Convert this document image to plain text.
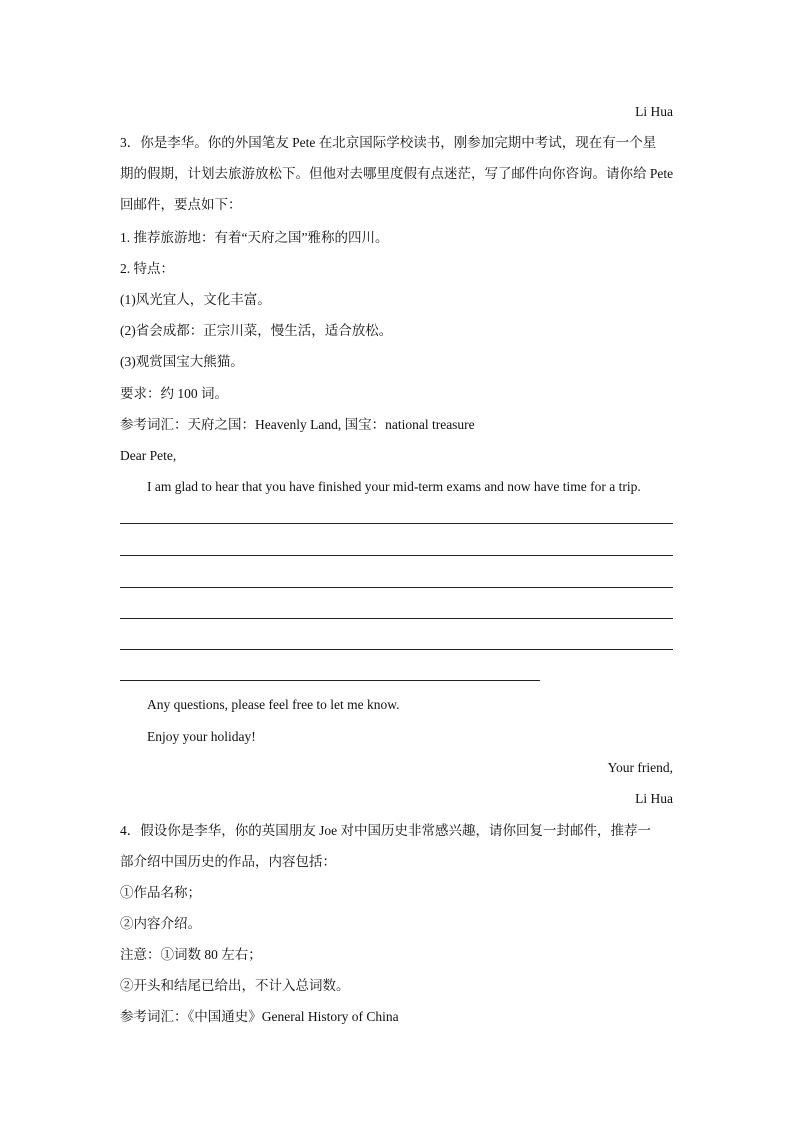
Li Hua
3．你是李华。你的外国笔友 Pete 在北京国际学校读书，刚参加完期中考试，现在有一个星
期的假期，计划去旅游放松下。但他对去哪里度假有点迷茫，写了邮件向你咨询。请你给 Pete
回邮件，要点如下：
1. 推荐旅游地：有着“天府之国”雅称的四川。
2. 特点：
(1)风光宜人，文化丰富。
(2)省会成都：正宗川菜，慢生活，适合放松。
(3)观赏国宝大熊猫。
要求：约 100 词。
参考词汇：天府之国：Heavenly Land, 国宝：national treasure
Dear Pete,
I am glad to hear that you have finished your mid-term exams and now have time for a trip.
Any questions, please feel free to let me know.
Enjoy your holiday!
Your friend,
Li Hua
4．假设你是李华，你的英国朋友 Joe 对中国历史非常感兴趣，请你回复一封邮件，推荐一
部介绍中国历史的作品，内容包括：
①作品名称；
②内容介绍。
注意：①词数 80 左右；
②开头和结尾已给出，不计入总词数。
参考词汇：《中国通史》General History of China
